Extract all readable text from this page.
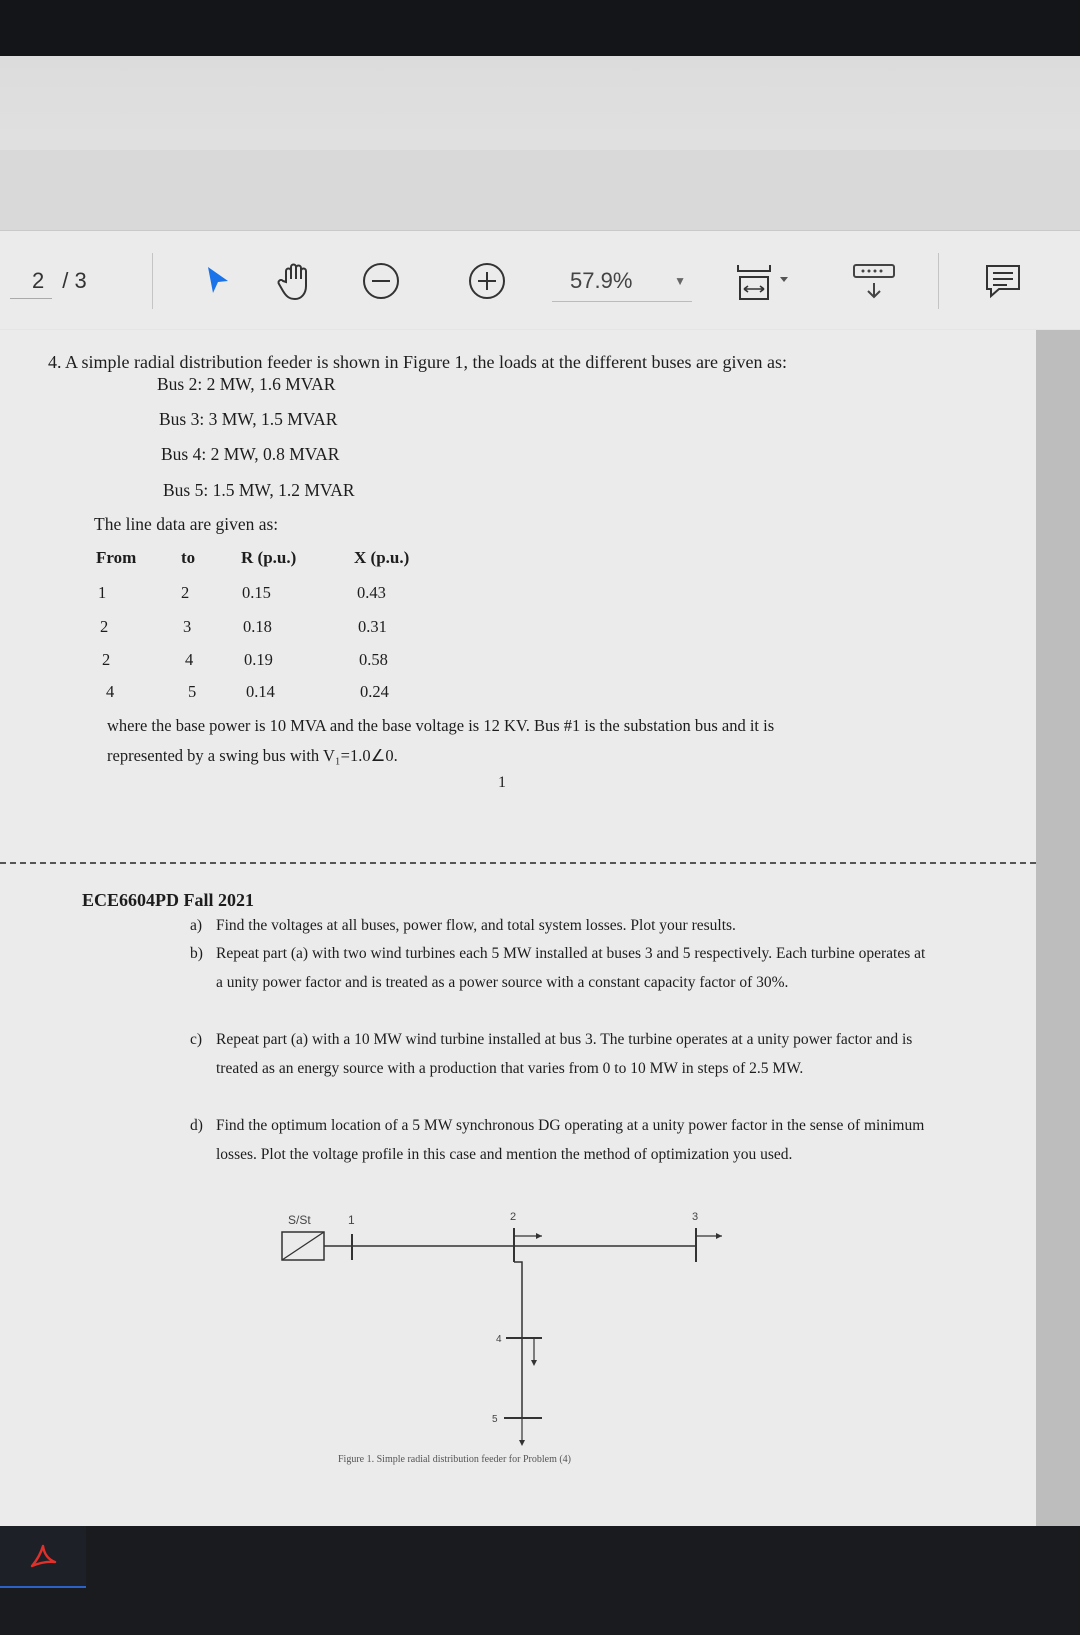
2 / 3	57.9%	▼
4. A simple radial distribution feeder is shown in Figure 1, the loads at the different buses are given as:
Bus 2: 2 MW, 1.6 MVAR
Bus 3: 3 MW, 1.5 MVAR
Bus 4: 2 MW, 0.8 MVAR
Bus 5: 1.5 MW, 1.2 MVAR
The line data are given as:
From	to	R (p.u.)	X (p.u.)
1	2	0.15	0.43
2	3	0.18	0.31
2	4	0.19	0.58
4	5	0.14	0.24
where the base power is 10 MVA and the base voltage is 12 KV. Bus #1 is the substation bus and it is
represented by a swing bus with V₁=1.0∠0.
1
ECE6604PD Fall 2021
a) Find the voltages at all buses, power flow, and total system losses. Plot your results.
b) Repeat part (a) with two wind turbines each 5 MW installed at buses 3 and 5 respectively. Each turbine operates at a unity power factor and is treated as a power source with a constant capacity factor of 30%.
c) Repeat part (a) with a 10 MW wind turbine installed at bus 3. The turbine operates at a unity power factor and is treated as an energy source with a production that varies from 0 to 10 MW in steps of 2.5 MW.
d) Find the optimum location of a 5 MW synchronous DG operating at a unity power factor in the sense of minimum losses. Plot the voltage profile in this case and mention the method of optimization you used.
S/St	1	2	3
4
5
Figure 1. Simple radial distribution feeder for Problem (4)
